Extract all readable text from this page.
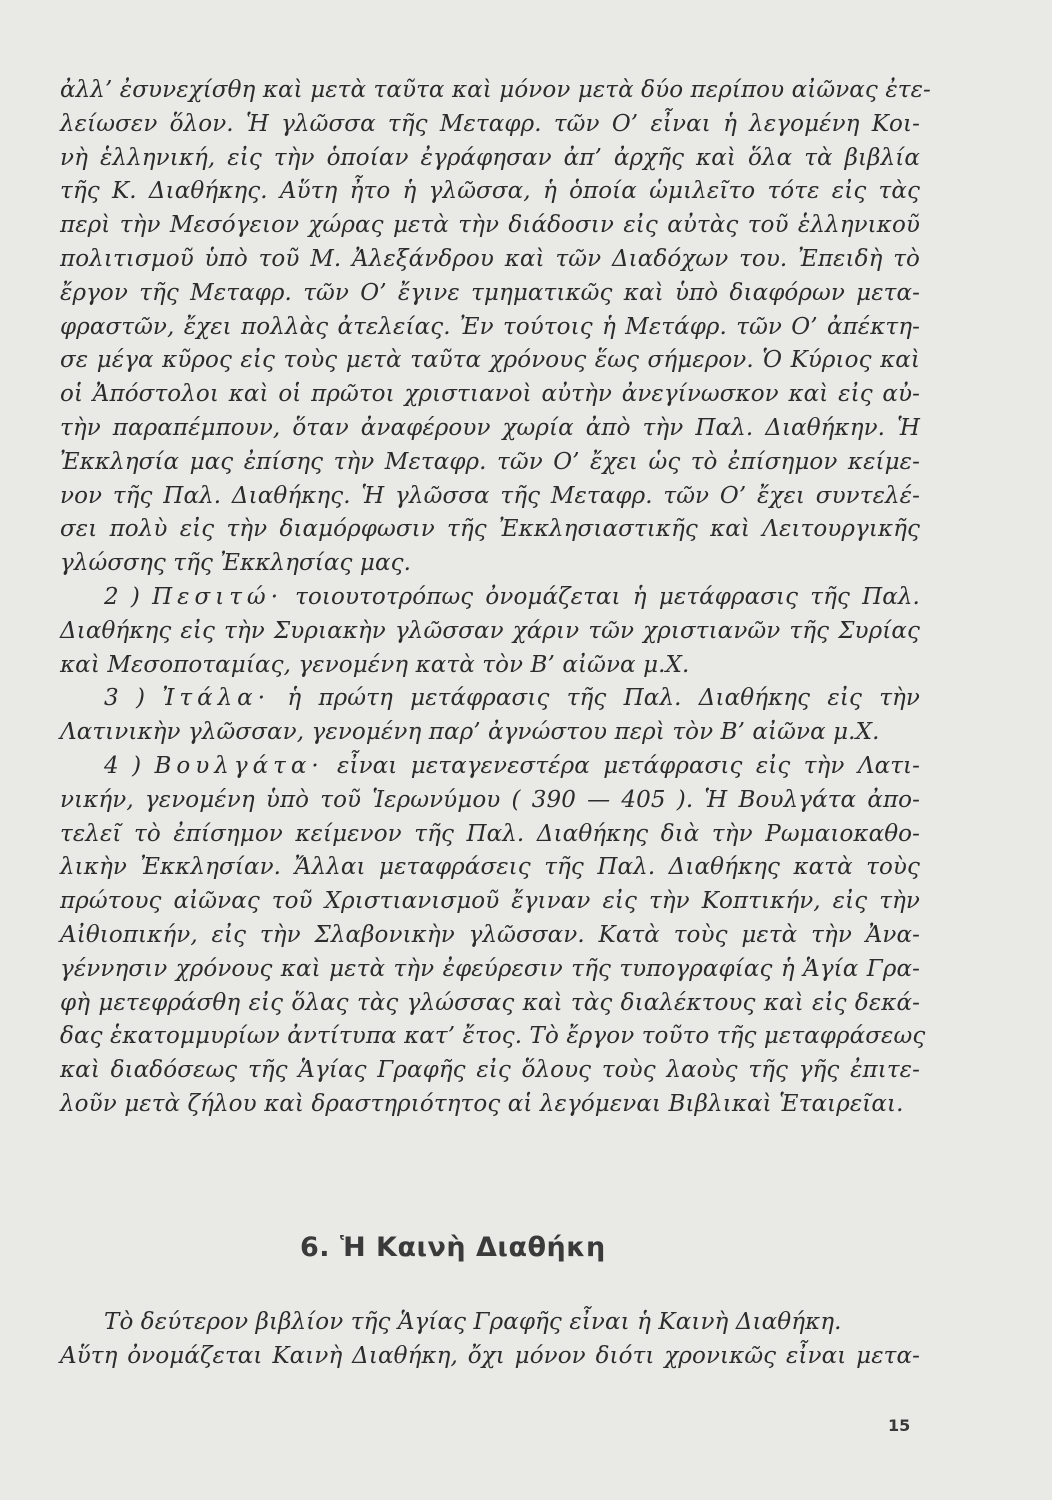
ἀλλ’ ἐσυνεχίσθη καὶ μετὰ ταῦτα καὶ μόνον μετὰ δύο περίπου αἰῶνας ἐτε-
λείωσεν ὅλον. Ἡ γλῶσσα τῆς Μεταφρ. τῶν Ο’ εἶναι ἡ λεγομένη Κοι-
νὴ ἑλληνική, εἰς τὴν ὁποίαν ἐγράφησαν ἀπ’ ἀρχῆς καὶ ὅλα τὰ βιβλία
τῆς Κ. Διαθήκης. Αὕτη ἦτο ἡ γλῶσσα, ἡ ὁποία ὡμιλεῖτο τότε εἰς τὰς
περὶ τὴν Μεσόγειον χώρας μετὰ τὴν διάδοσιν εἰς αὐτὰς τοῦ ἑλληνικοῦ
πολιτισμοῦ ὑπὸ τοῦ Μ. Ἀλεξάνδρου καὶ τῶν Διαδόχων του. Ἐπειδὴ τὸ
ἔργον τῆς Μεταφρ. τῶν Ο’ ἔγινε τμηματικῶς καὶ ὑπὸ διαφόρων μετα-
φραστῶν, ἔχει πολλὰς ἀτελείας. Ἐν τούτοις ἡ Μετάφρ. τῶν Ο’ ἀπέκτη-
σε μέγα κῦρος εἰς τοὺς μετὰ ταῦτα χρόνους ἕως σήμερον. Ὁ Κύριος καὶ
οἱ Ἀπόστολοι καὶ οἱ πρῶτοι χριστιανοὶ αὐτὴν ἀνεγίνωσκον καὶ εἰς αὐ-
τὴν παραπέμπουν, ὅταν ἀναφέρουν χωρία ἀπὸ τὴν Παλ. Διαθήκην. Ἡ
Ἐκκλησία μας ἐπίσης τὴν Μεταφρ. τῶν Ο’ ἔχει ὡς τὸ ἐπίσημον κείμε-
νον τῆς Παλ. Διαθήκης. Ἡ γλῶσσα τῆς Μεταφρ. τῶν Ο’ ἔχει συντελέ-
σει πολὺ εἰς τὴν διαμόρφωσιν τῆς Ἐκκλησιαστικῆς καὶ Λειτουργικῆς
γλώσσης τῆς Ἐκκλησίας μας.
2 ) Πεσιτώ· τοιουτοτρόπως ὀνομάζεται ἡ μετάφρασις τῆς Παλ.
Διαθήκης εἰς τὴν Συριακὴν γλῶσσαν χάριν τῶν χριστιανῶν τῆς Συρίας
καὶ Μεσοποταμίας, γενομένη κατὰ τὸν Β’ αἰῶνα μ.Χ.
3 ) Ἰτάλα· ἡ πρώτη μετάφρασις τῆς Παλ. Διαθήκης εἰς τὴν
Λατινικὴν γλῶσσαν, γενομένη παρ’ ἀγνώστου περὶ τὸν Β’ αἰῶνα μ.Χ.
4 ) Βουλγάτα· εἶναι μεταγενεστέρα μετάφρασις εἰς τὴν Λατι-
νικήν, γενομένη ὑπὸ τοῦ Ἱερωνύμου ( 390 — 405 ). Ἡ Βουλγάτα ἀπο-
τελεῖ τὸ ἐπίσημον κείμενον τῆς Παλ. Διαθήκης διὰ τὴν Ρωμαιοκαθο-
λικὴν Ἐκκλησίαν. Ἄλλαι μεταφράσεις τῆς Παλ. Διαθήκης κατὰ τοὺς
πρώτους αἰῶνας τοῦ Χριστιανισμοῦ ἔγιναν εἰς τὴν Κοπτικήν, εἰς τὴν
Αἰθιοπικήν, εἰς τὴν Σλαβονικὴν γλῶσσαν. Κατὰ τοὺς μετὰ τὴν Ἀνα-
γέννησιν χρόνους καὶ μετὰ τὴν ἐφεύρεσιν τῆς τυπογραφίας ἡ Ἁγία Γρα-
φὴ μετεφράσθη εἰς ὅλας τὰς γλώσσας καὶ τὰς διαλέκτους καὶ εἰς δεκά-
δας ἑκατομμυρίων ἀντίτυπα κατ’ ἔτος. Τὸ ἔργον τοῦτο τῆς μεταφράσεως
καὶ διαδόσεως τῆς Ἁγίας Γραφῆς εἰς ὅλους τοὺς λαοὺς τῆς γῆς ἐπιτε-
λοῦν μετὰ ζήλου καὶ δραστηριότητος αἱ λεγόμεναι Βιβλικαὶ Ἑταιρεῖαι.
6. Ἡ Καινὴ Διαθήκη
Τὸ δεύτερον βιβλίον τῆς Ἁγίας Γραφῆς εἶναι ἡ Καινὴ Διαθήκη.
Αὕτη ὀνομάζεται Καινὴ Διαθήκη, ὄχι μόνον διότι χρονικῶς εἶναι μετα-
15
